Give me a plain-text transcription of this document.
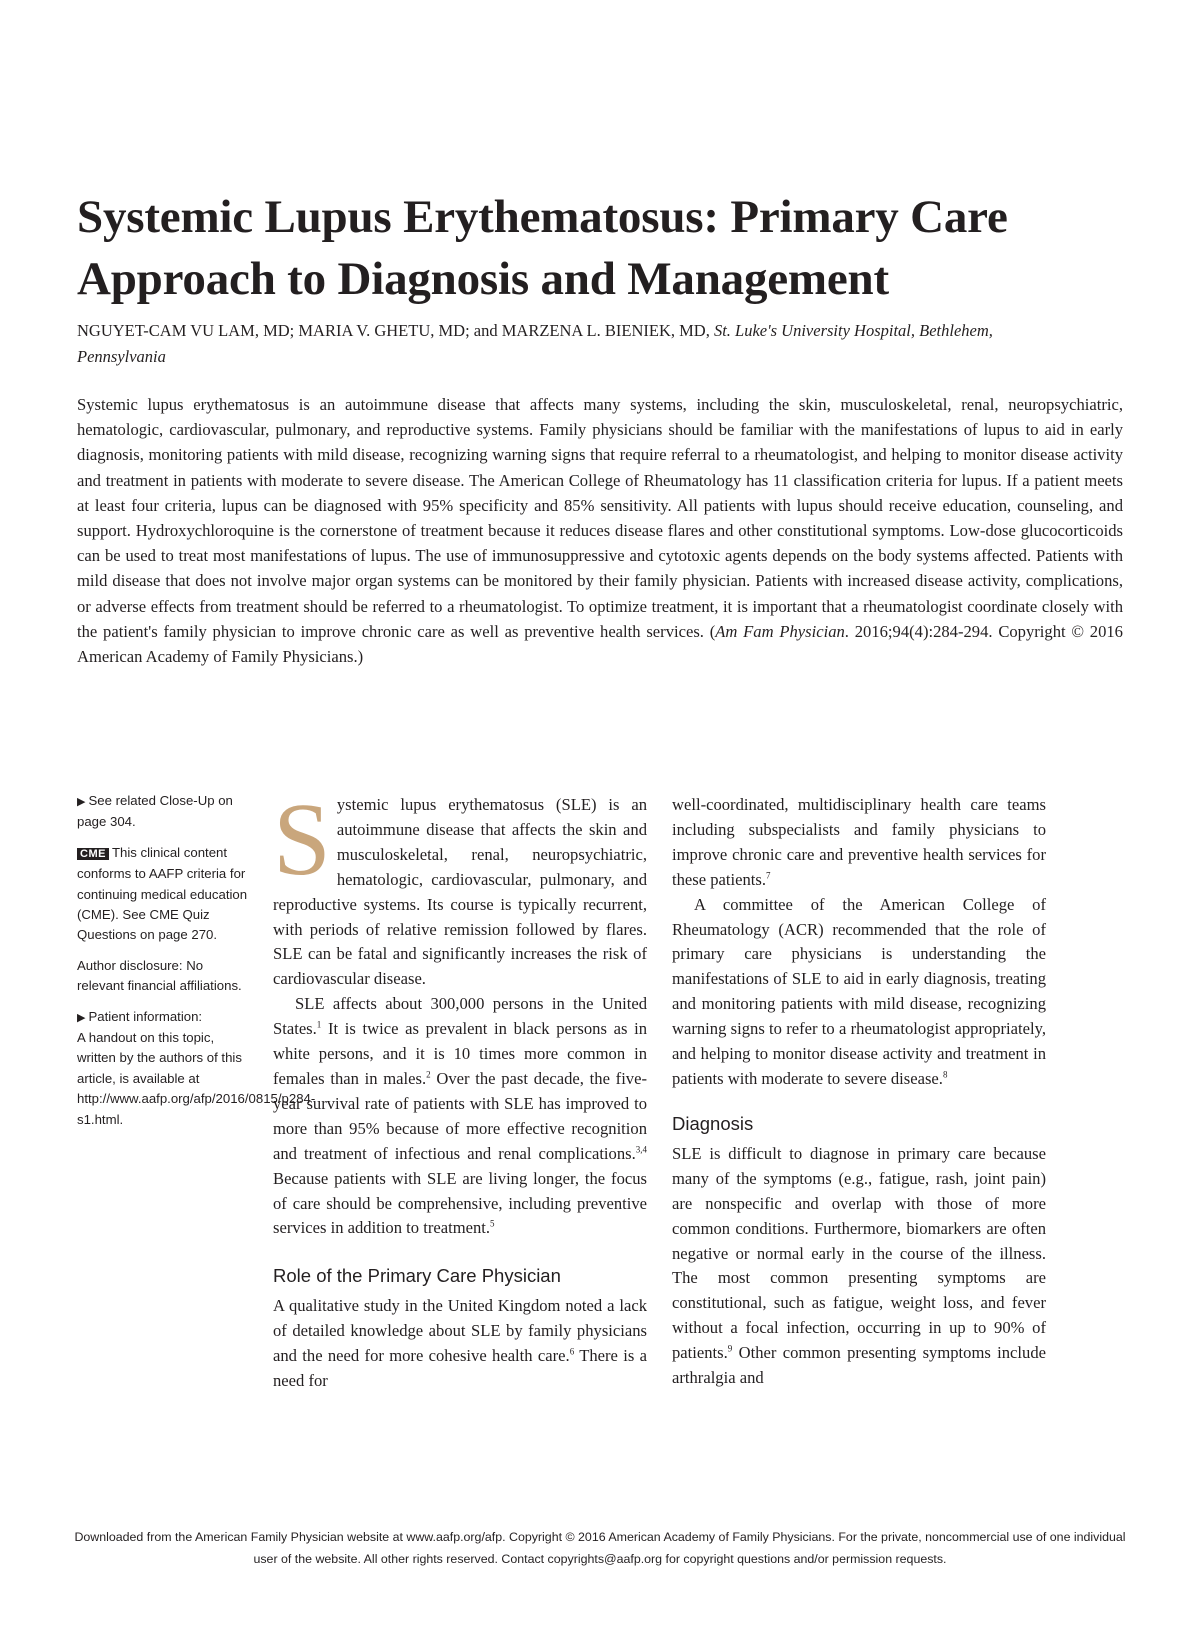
Systemic Lupus Erythematosus: Primary Care Approach to Diagnosis and Management

NGUYET-CAM VU LAM, MD; MARIA V. GHETU, MD; and MARZENA L. BIENIEK, MD, St. Luke's University Hospital, Bethlehem, Pennsylvania

Systemic lupus erythematosus is an autoimmune disease that affects many systems, including the skin, musculoskeletal, renal, neuropsychiatric, hematologic, cardiovascular, pulmonary, and reproductive systems. Family physicians should be familiar with the manifestations of lupus to aid in early diagnosis, monitoring patients with mild disease, recognizing warning signs that require referral to a rheumatologist, and helping to monitor disease activity and treatment in patients with moderate to severe disease. The American College of Rheumatology has 11 classification criteria for lupus. If a patient meets at least four criteria, lupus can be diagnosed with 95% specificity and 85% sensitivity. All patients with lupus should receive education, counseling, and support. Hydroxychloroquine is the cornerstone of treatment because it reduces disease flares and other constitutional symptoms. Low-dose glucocorticoids can be used to treat most manifestations of lupus. The use of immunosuppressive and cytotoxic agents depends on the body systems affected. Patients with mild disease that does not involve major organ systems can be monitored by their family physician. Patients with increased disease activity, complications, or adverse effects from treatment should be referred to a rheumatologist. To optimize treatment, it is important that a rheumatologist coordinate closely with the patient's family physician to improve chronic care as well as preventive health services. (Am Fam Physician. 2016;94(4):284-294. Copyright © 2016 American Academy of Family Physicians.)

▶ See related Close-Up on page 304.

CME This clinical content conforms to AAFP criteria for continuing medical education (CME). See CME Quiz Questions on page 270.

Author disclosure: No relevant financial affiliations.

▶ Patient information:
A handout on this topic, written by the authors of this article, is available at http://www.aafp.org/afp/2016/0815/p284-s1.html.

Systemic lupus erythematosus (SLE) is an autoimmune disease that affects the skin and musculoskeletal, renal, neuropsychiatric, hematologic, cardiovascular, pulmonary, and reproductive systems. Its course is typically recurrent, with periods of relative remission followed by flares. SLE can be fatal and significantly increases the risk of cardiovascular disease.

SLE affects about 300,000 persons in the United States.$^1$ It is twice as prevalent in black persons as in white persons, and it is 10 times more common in females than in males.$^2$ Over the past decade, the five-year survival rate of patients with SLE has improved to more than 95% because of more effective recognition and treatment of infectious and renal complications.$^{3,4}$ Because patients with SLE are living longer, the focus of care should be comprehensive, including preventive services in addition to treatment.$^5$

Role of the Primary Care Physician

A qualitative study in the United Kingdom noted a lack of detailed knowledge about SLE by family physicians and the need for more cohesive health care.$^6$ There is a need for

well-coordinated, multidisciplinary health care teams including subspecialists and family physicians to improve chronic care and preventive health services for these patients.$^7$

A committee of the American College of Rheumatology (ACR) recommended that the role of primary care physicians is understanding the manifestations of SLE to aid in early diagnosis, treating and monitoring patients with mild disease, recognizing warning signs to refer to a rheumatologist appropriately, and helping to monitor disease activity and treatment in patients with moderate to severe disease.$^8$

Diagnosis

SLE is difficult to diagnose in primary care because many of the symptoms (e.g., fatigue, rash, joint pain) are nonspecific and overlap with those of more common conditions. Furthermore, biomarkers are often negative or normal early in the course of the illness. The most common presenting symptoms are constitutional, such as fatigue, weight loss, and fever without a focal infection, occurring in up to 90% of patients.$^9$ Other common presenting symptoms include arthralgia and

Downloaded from the American Family Physician website at www.aafp.org/afp. Copyright © 2016 American Academy of Family Physicians. For the private, noncommercial use of one individual user of the website. All other rights reserved. Contact copyrights@aafp.org for copyright questions and/or permission requests.
